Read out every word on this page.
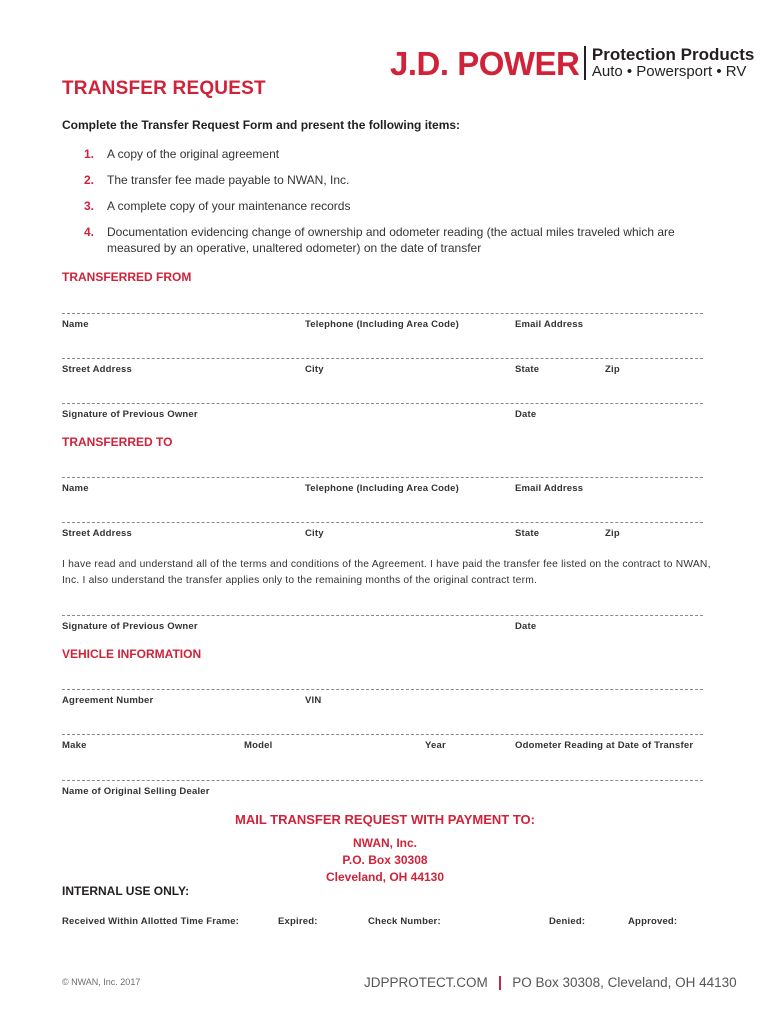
J.D. POWER Protection Products
Auto • Powersport • RV
TRANSFER REQUEST
Complete the Transfer Request Form and present the following items:
1.	A copy of the original agreement
2.	The transfer fee made payable to NWAN, Inc.
3.	A complete copy of your maintenance records
4.	Documentation evidencing change of ownership and odometer reading (the actual miles traveled which are measured by an operative, unaltered odometer) on the date of transfer
TRANSFERRED FROM
Name	Telephone (Including Area Code)	Email Address
Street Address	City	State	Zip
Signature of Previous Owner	Date
TRANSFERRED TO
Name	Telephone (Including Area Code)	Email Address
Street Address	City	State	Zip

I have read and understand all of the terms and conditions of the Agreement. I have paid the transfer fee listed on the contract to NWAN, Inc. I also understand the transfer applies only to the remaining months of the original contract term.

Signature of Previous Owner	Date
VEHICLE INFORMATION
Agreement Number	VIN
Make	Model	Year	Odometer Reading at Date of Transfer
Name of Original Selling Dealer
MAIL TRANSFER REQUEST WITH PAYMENT TO:
NWAN, Inc.
P.O. Box 30308
Cleveland, OH 44130
INTERNAL USE ONLY:
Received Within Allotted Time Frame:	Expired:	Check Number:	Denied:	Approved:
© NWAN, Inc. 2017	JDPPROTECT.COM PO Box 30308, Cleveland, OH 44130
